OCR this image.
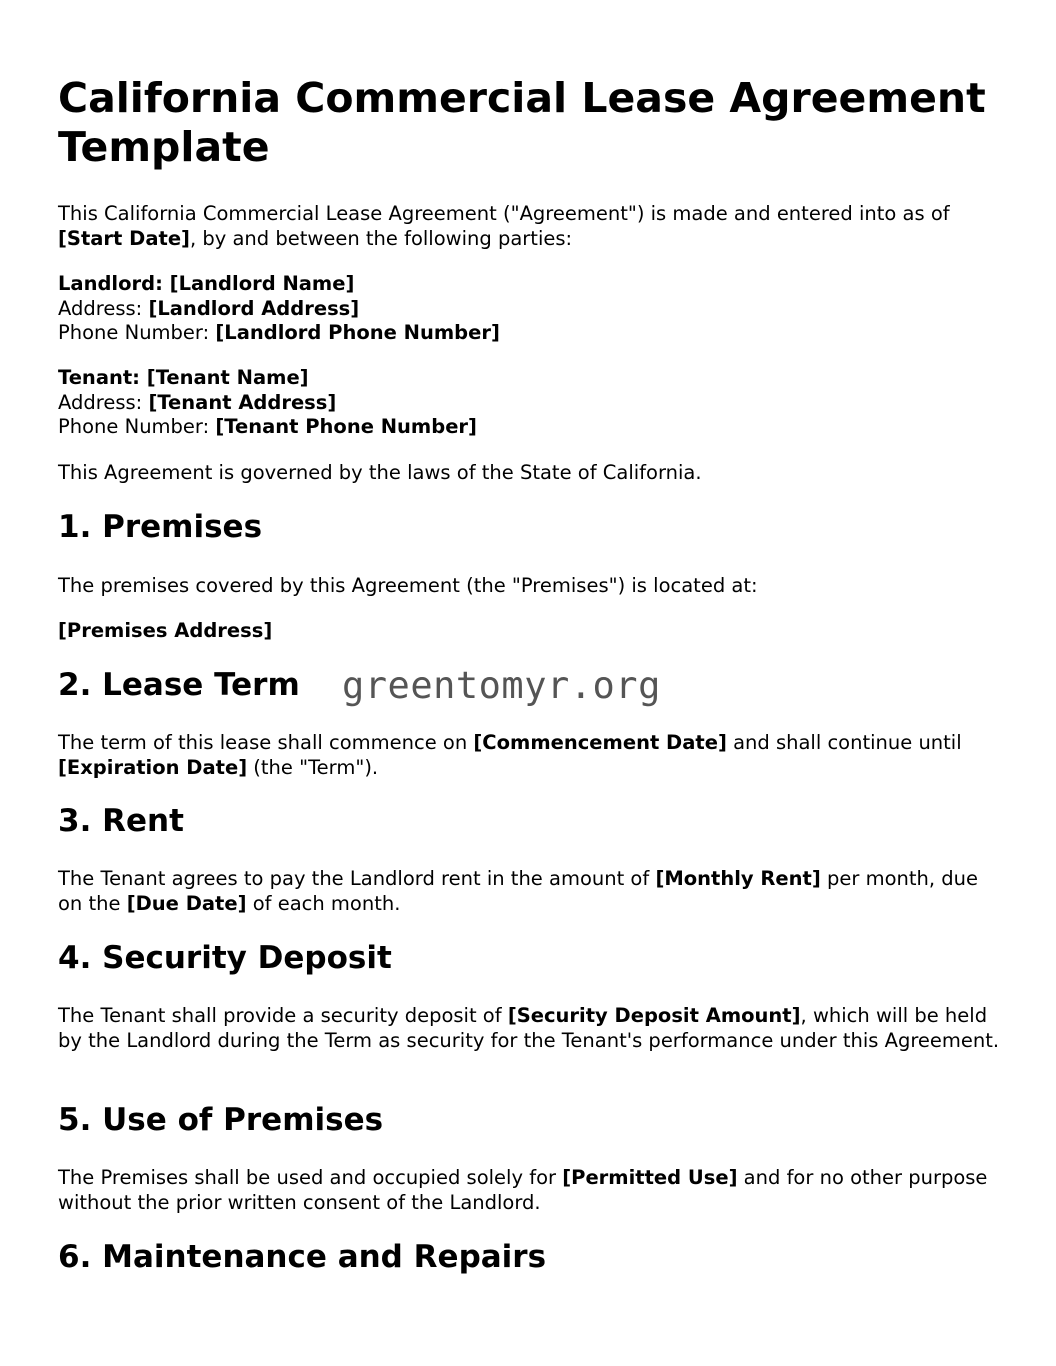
California Commercial Lease Agreement Template

This California Commercial Lease Agreement ("Agreement") is made and entered into as of [Start Date], by and between the following parties:

Landlord: [Landlord Name]
Address: [Landlord Address]
Phone Number: [Landlord Phone Number]

Tenant: [Tenant Name]
Address: [Tenant Address]
Phone Number: [Tenant Phone Number]

This Agreement is governed by the laws of the State of California.

1. Premises

The premises covered by this Agreement (the "Premises") is located at:

[Premises Address]

2. Lease Term

The term of this lease shall commence on [Commencement Date] and shall continue until [Expiration Date] (the "Term").

3. Rent

The Tenant agrees to pay the Landlord rent in the amount of [Monthly Rent] per month, due on the [Due Date] of each month.

4. Security Deposit

The Tenant shall provide a security deposit of [Security Deposit Amount], which will be held by the Landlord during the Term as security for the Tenant's performance under this Agreement.

5. Use of Premises

The Premises shall be used and occupied solely for [Permitted Use] and for no other purpose without the prior written consent of the Landlord.

6. Maintenance and Repairs
greentomyr.org
